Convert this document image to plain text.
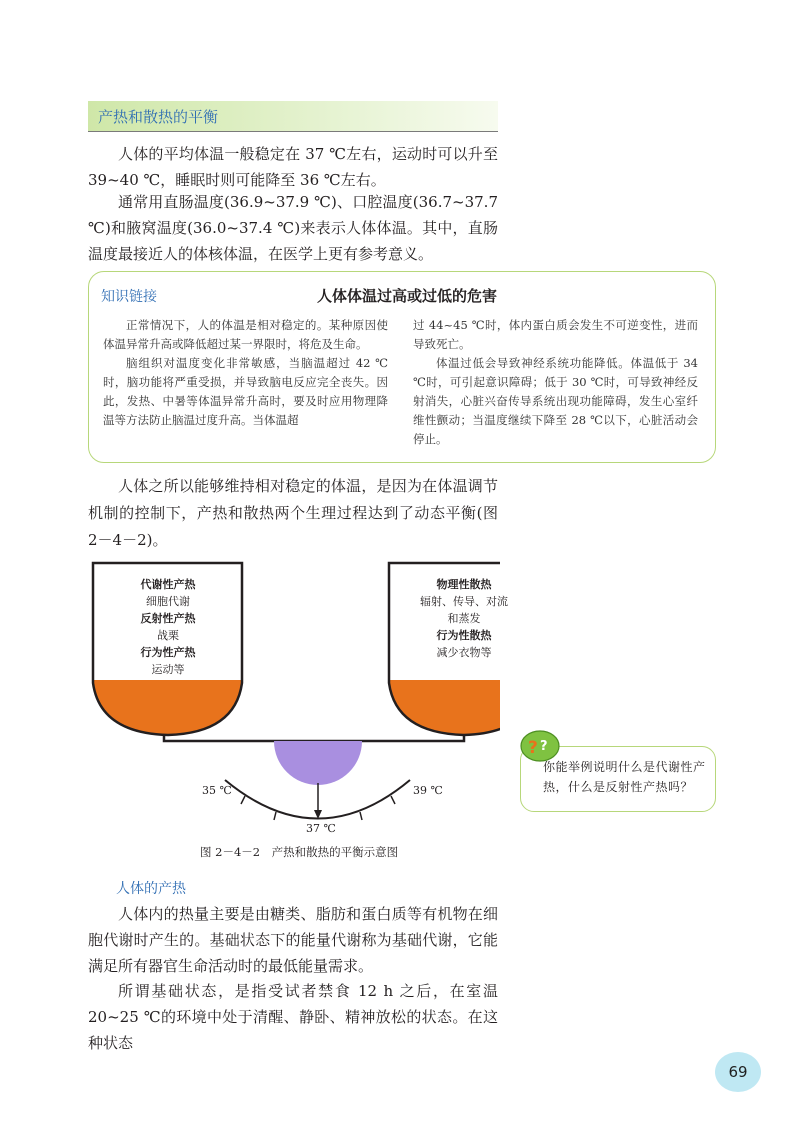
产热和散热的平衡

人体的平均体温一般稳定在 37 ℃左右，运动时可以升至 39~40 ℃，睡眠时则可能降至 36 ℃左右。

通常用直肠温度(36.9~37.9 ℃)、口腔温度(36.7~37.7 ℃)和腋窝温度(36.0~37.4 ℃)来表示人体体温。其中，直肠温度最接近人的体核体温，在医学上更有参考意义。

知识链接	人体体温过高或过低的危害

正常情况下，人的体温是相对稳定的。某种原因使体温异常升高或降低超过某一界限时，将危及生命。

脑组织对温度变化非常敏感，当脑温超过 42 ℃时，脑功能将严重受损，并导致脑电反应完全丧失。因此，发热、中暑等体温异常升高时，要及时应用物理降温等方法防止脑温过度升高。当体温超

过 44~45 ℃时，体内蛋白质会发生不可逆变性，进而导致死亡。

体温过低会导致神经系统功能降低。体温低于 34 ℃时，可引起意识障碍；低于 30 ℃时，可导致神经反射消失，心脏兴奋传导系统出现功能障碍，发生心室纤维性颤动；当温度继续下降至 28 ℃以下，心脏活动会停止。

人体之所以能够维持相对稳定的体温，是因为在体温调节机制的控制下，产热和散热两个生理过程达到了动态平衡(图 2－4－2)。

代谢性产热
细胞代谢
反射性产热
战栗
行为性产热
运动等
物理性散热
辐射、传导、对流
和蒸发
行为性散热
减少衣物等
35 ℃	39 ℃
37 ℃
图 2－4－2　产热和散热的平衡示意图
你能举例说明什么是代谢性产热，什么是反射性产热吗？
? ?
人体的产热

人体内的热量主要是由糖类、脂肪和蛋白质等有机物在细胞代谢时产生的。基础状态下的能量代谢称为基础代谢，它能满足所有器官生命活动时的最低能量需求。

所谓基础状态，是指受试者禁食 12 h 之后，在室温 20~25 ℃的环境中处于清醒、静卧、精神放松的状态。在这种状态

69
